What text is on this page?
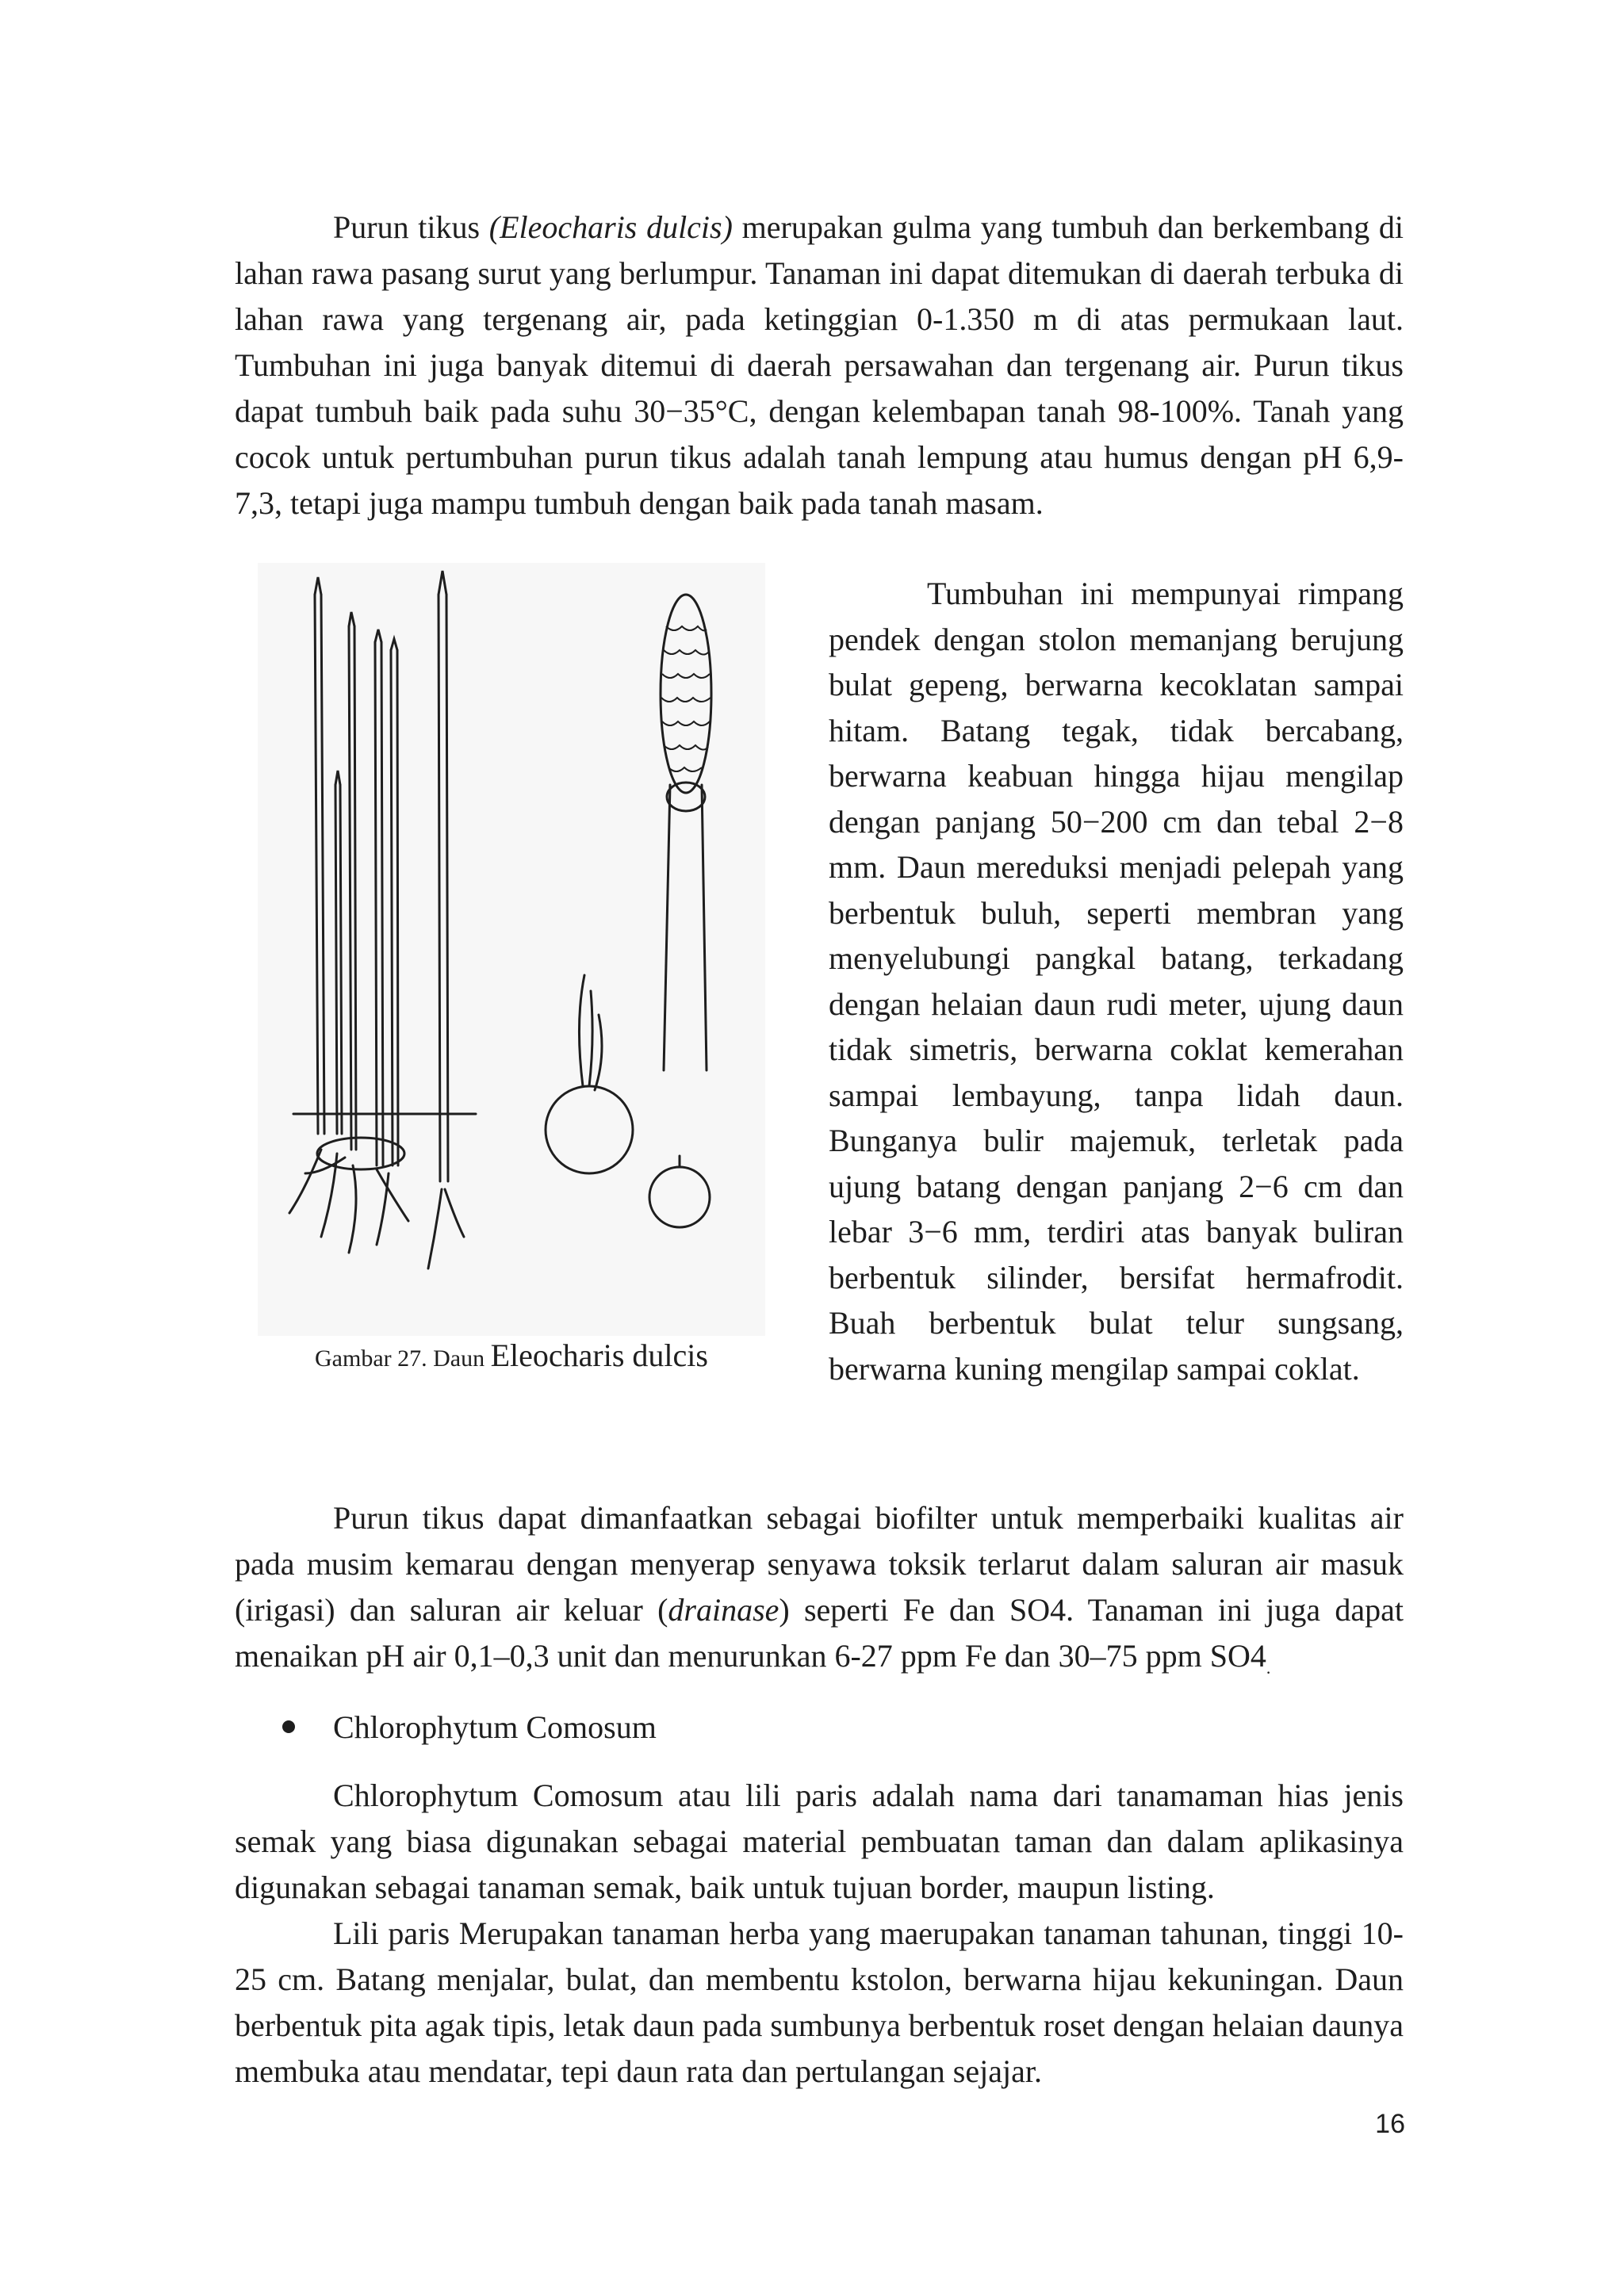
Purun tikus (Eleocharis dulcis) merupakan gulma yang tumbuh dan berkembang di lahan rawa pasang surut yang berlumpur. Tanaman ini dapat ditemukan di daerah terbuka di lahan rawa yang tergenang air, pada ketinggian 0-1.350 m di atas permukaan laut. Tumbuhan ini juga banyak ditemui di daerah persawahan dan tergenang air. Purun tikus dapat tumbuh baik pada suhu 30−35°C, dengan kelembapan tanah 98-100%. Tanah yang cocok untuk pertumbuhan purun tikus adalah tanah lempung atau humus dengan pH 6,9-7,3, tetapi juga mampu tumbuh dengan baik pada tanah masam.

Gambar 27. Daun Eleocharis dulcis

Tumbuhan ini mempunyai rimpang pendek dengan stolon memanjang berujung bulat gepeng, berwarna kecoklatan sampai hitam. Batang tegak, tidak bercabang, berwarna keabuan hingga hijau mengilap dengan panjang 50−200 cm dan tebal 2−8 mm. Daun mereduksi menjadi pelepah yang berbentuk buluh, seperti membran yang menyelubungi pangkal batang, terkadang dengan helaian daun rudi meter, ujung daun tidak simetris, berwarna coklat kemerahan sampai lembayung, tanpa lidah daun. Bunganya bulir majemuk, terletak pada ujung batang dengan panjang 2−6 cm dan lebar 3−6 mm, terdiri atas banyak buliran berbentuk silinder, bersifat hermafrodit. Buah berbentuk bulat telur sungsang, berwarna kuning mengilap sampai coklat.

Purun tikus dapat dimanfaatkan sebagai biofilter untuk memperbaiki kualitas air pada musim kemarau dengan menyerap senyawa toksik terlarut dalam saluran air masuk (irigasi) dan saluran air keluar (drainase) seperti Fe dan SO4. Tanaman ini juga dapat menaikan pH air 0,1–0,3 unit dan menurunkan 6-27 ppm Fe dan 30–75 ppm $SO4_.$

Chlorophytum Comosum

Chlorophytum Comosum atau lili paris adalah nama dari tanamaman hias jenis semak yang biasa digunakan sebagai material pembuatan taman dan dalam aplikasinya digunakan sebagai tanaman semak, baik untuk tujuan border, maupun listing.

Lili paris Merupakan tanaman herba yang maerupakan tanaman tahunan, tinggi 10-25 cm. Batang menjalar, bulat, dan membentu kstolon, berwarna hijau kekuningan. Daun berbentuk pita agak tipis, letak daun pada sumbunya berbentuk roset dengan helaian daunya membuka atau mendatar, tepi daun rata dan pertulangan sejajar.

16
